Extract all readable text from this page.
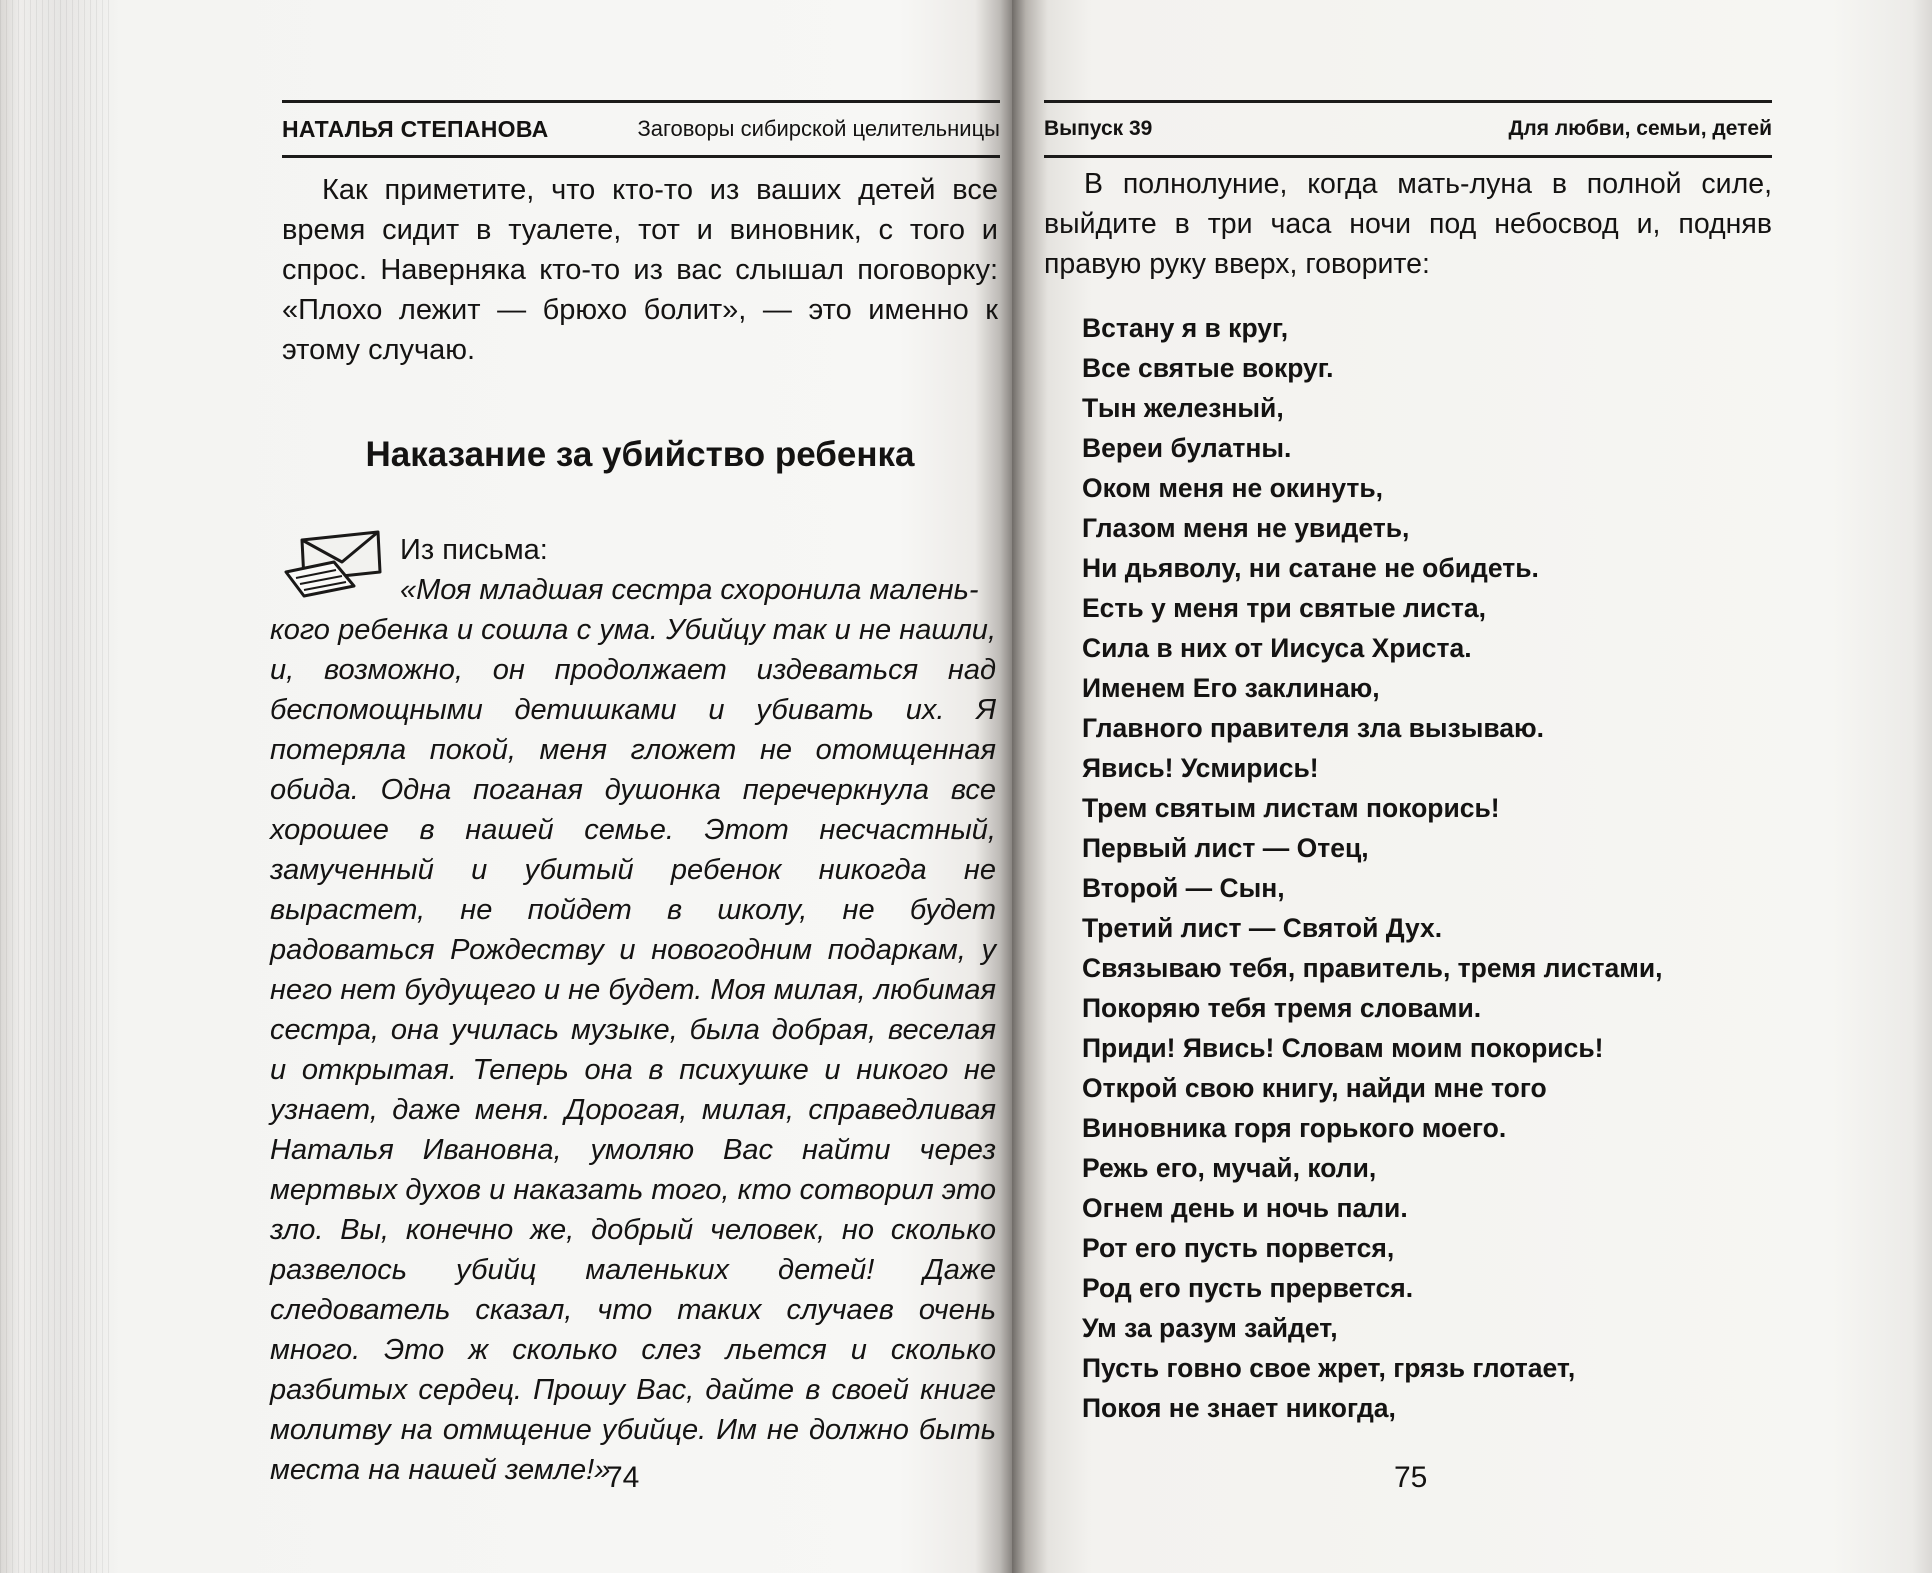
НАТАЛЬЯ СТЕПАНОВА	Заговоры сибирской целительницы

Как приметите, что кто-то из ваших детей все время сидит в туалете, тот и виновник, с того и спрос. Наверняка кто-то из вас слышал поговорку: «Плохо лежит — брюхо болит», — это именно к этому случаю.

Наказание за убийство ребенка
Из письма:

«Моя младшая сестра схоронила малень-
кого ребенка и сошла с ума. Убийцу так и не нашли, и, возможно, он продолжает издеваться над беспомощными детишками и убивать их. Я потеряла покой, меня гложет не отомщенная обида. Одна поганая душонка перечеркнула все хорошее в нашей семье. Этот несчастный, замученный и убитый ребенок никогда не вырастет, не пойдет в школу, не будет радоваться Рождеству и новогодним подаркам, у него нет будущего и не будет. Моя милая, любимая сестра, она училась музыке, была добрая, веселая и открытая. Теперь она в психушке и никого не узнает, даже меня. Дорогая, милая, справедливая Наталья Ивановна, умоляю Вас найти через мертвых духов и наказать того, кто сотворил это зло. Вы, конечно же, добрый человек, но сколько развелось убийц маленьких детей! Даже следователь сказал, что таких случаев очень много. Это ж сколько слез льется и сколько разбитых сердец. Прошу Вас, дайте в своей книге молитву на отмщение убийце. Им не должно быть места на нашей земле!»

74
Выпуск 39	Для любви, семьи, детей

В полнолуние, когда мать-луна в полной силе, выйдите в три часа ночи под небосвод и, подняв правую руку вверх, говорите:

Встану я в круг,
Все святые вокруг.
Тын железный,
Вереи булатны.
Оком меня не окинуть,
Глазом меня не увидеть,
Ни дьяволу, ни сатане не обидеть.
Есть у меня три святые листа,
Сила в них от Иисуса Христа.
Именем Его заклинаю,
Главного правителя зла вызываю.
Явись! Усмирись!
Трем святым листам покорись!
Первый лист — Отец,
Второй — Сын,
Третий лист — Святой Дух.
Связываю тебя, правитель, тремя листами,
Покоряю тебя тремя словами.
Приди! Явись! Словам моим покорись!
Открой свою книгу, найди мне того
Виновника горя горького моего.
Режь его, мучай, коли,
Огнем день и ночь пали.
Рот его пусть порвется,
Род его пусть прервется.
Ум за разум зайдет,
Пусть говно свое жрет, грязь глотает,
Покоя не знает никогда,
75
